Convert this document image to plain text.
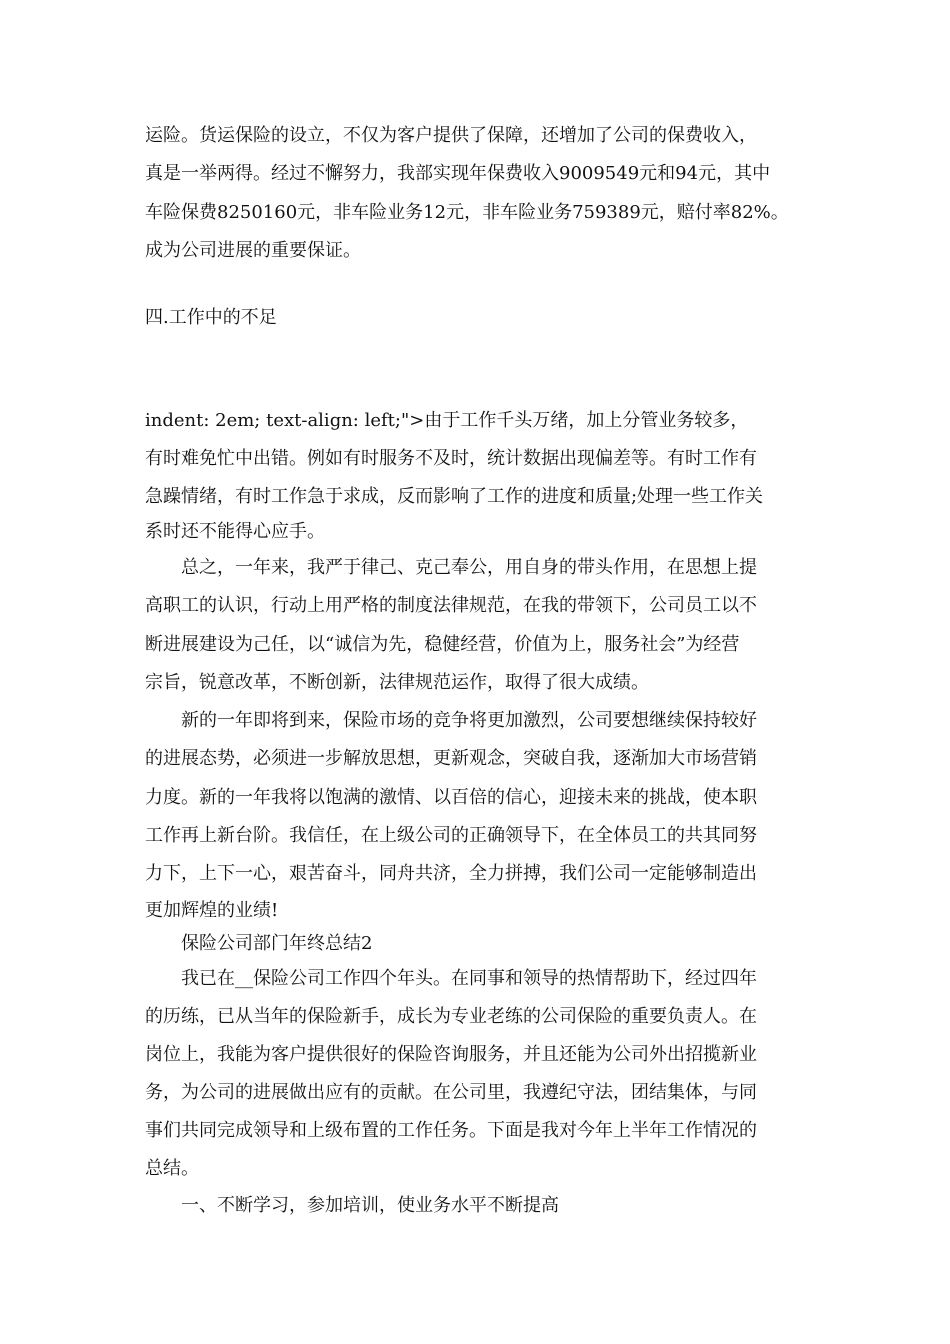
运险。货运保险的设立，不仅为客户提供了保障，还增加了公司的保费收入，
真是一举两得。经过不懈努力，我部实现年保费收入9009549元和94元，其中
车险保费8250160元，非车险业务12元，非车险业务759389元，赔付率82%。
成为公司进展的重要保证。
四.工作中的不足
indent: 2em; text-align: left;">由于工作千头万绪，加上分管业务较多，
有时难免忙中出错。例如有时服务不及时，统计数据出现偏差等。有时工作有
急躁情绪，有时工作急于求成，反而影响了工作的进度和质量;处理一些工作关
系时还不能得心应手。
总之，一年来，我严于律己、克己奉公，用自身的带头作用，在思想上提
高职工的认识，行动上用严格的制度法律规范，在我的带领下，公司员工以不
断进展建设为己任，以“诚信为先，稳健经营，价值为上，服务社会”为经营
宗旨，锐意改革，不断创新，法律规范运作，取得了很大成绩。
新的一年即将到来，保险市场的竞争将更加激烈，公司要想继续保持较好
的进展态势，必须进一步解放思想，更新观念，突破自我，逐渐加大市场营销
力度。新的一年我将以饱满的激情、以百倍的信心，迎接未来的挑战，使本职
工作再上新台阶。我信任，在上级公司的正确领导下，在全体员工的共其同努
力下，上下一心，艰苦奋斗，同舟共济，全力拼搏，我们公司一定能够制造出
更加辉煌的业绩!
保险公司部门年终总结2
我已在__保险公司工作四个年头。在同事和领导的热情帮助下，经过四年
的历练，已从当年的保险新手，成长为专业老练的公司保险的重要负责人。在
岗位上，我能为客户提供很好的保险咨询服务，并且还能为公司外出招揽新业
务，为公司的进展做出应有的贡献。在公司里，我遵纪守法，团结集体，与同
事们共同完成领导和上级布置的工作任务。下面是我对今年上半年工作情况的
总结。
一、不断学习，参加培训，使业务水平不断提高
